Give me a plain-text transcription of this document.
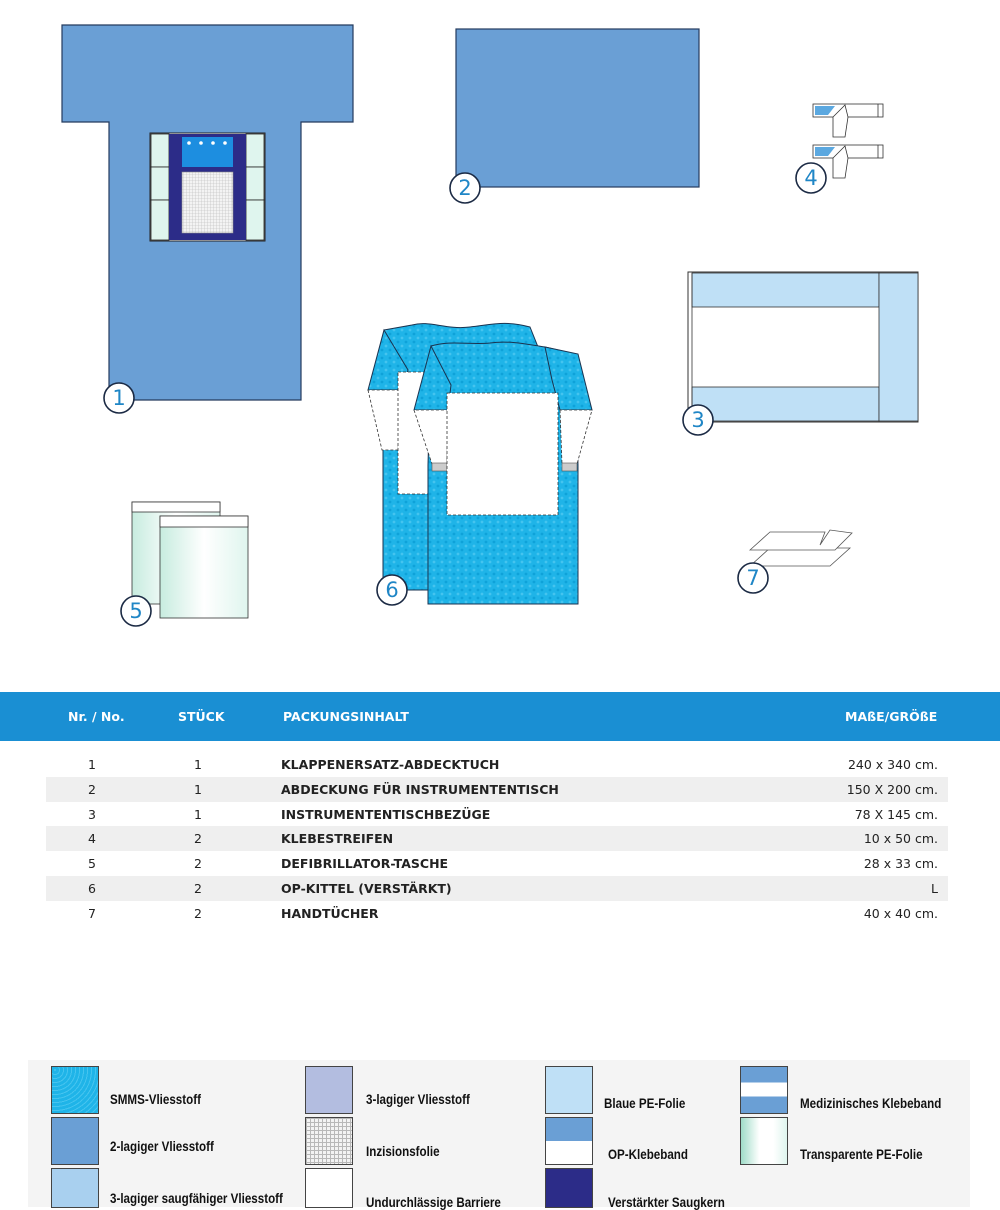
1
2
3
4
5
6	7
Nr. / No.	STÜCK	PACKUNGSINHALT	MAßE/GRÖßE
1	1	KLAPPENERSATZ-ABDECKTUCH	240 x 340 cm.
2	1	ABDECKUNG FÜR INSTRUMENTENTISCH	150 X 200 cm.
3	1	INSTRUMENTENTISCHBEZÜGE	78 X 145 cm.
4	2	KLEBESTREIFEN	10 x 50 cm.
5	2	DEFIBRILLATOR-TASCHE	28 x 33 cm.
6	2	OP-KITTEL (VERSTÄRKT)	L
7	2	HANDTÜCHER	40 x 40 cm.
SMMS-Vliesstoff
2-lagiger Vliesstoff
3-lagiger saugfähiger Vliesstoff
3-lagiger Vliesstoff
Inzisionsfolie
Undurchlässige Barriere
Blaue PE-Folie
OP-Klebeband
Verstärkter Saugkern
Medizinisches Klebeband
Transparente PE-Folie
